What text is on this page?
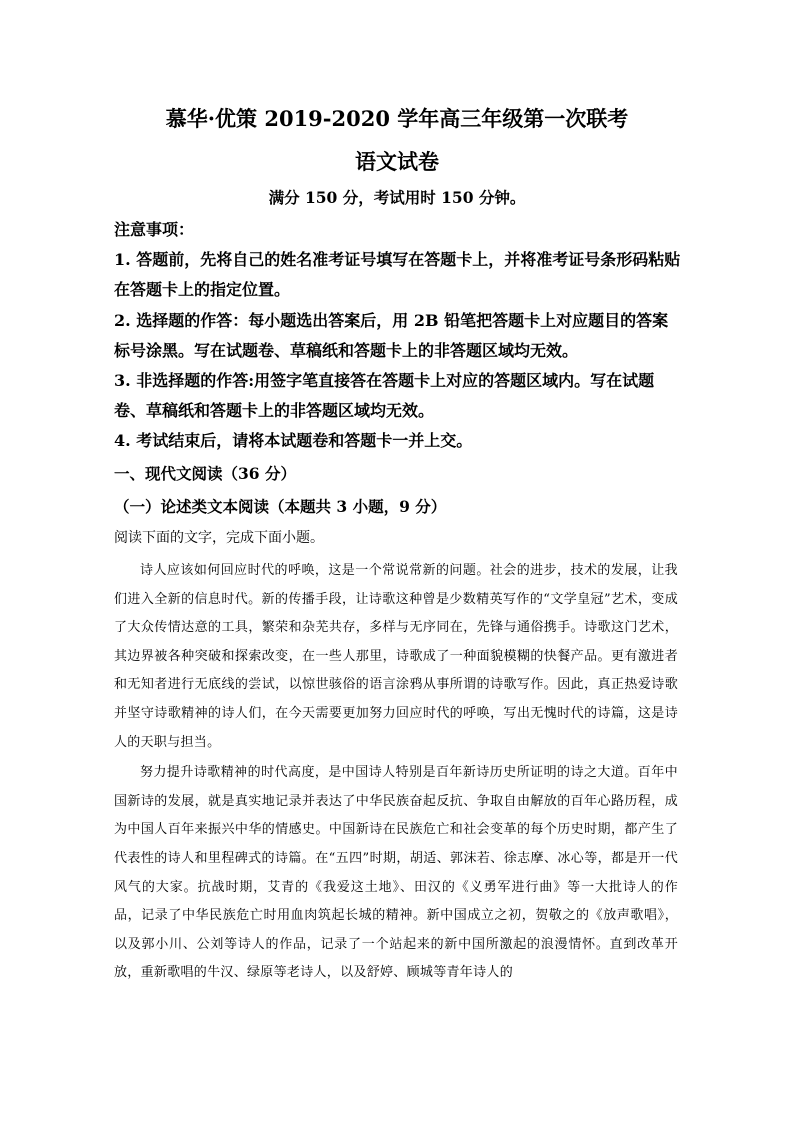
慕华·优策 2019-2020 学年高三年级第一次联考
语文试卷
满分 150 分，考试用时 150 分钟。

注意事项：

1. 答题前，先将自己的姓名准考证号填写在答题卡上，并将准考证号条形码粘贴在答题卡上的指定位置。

2. 选择题的作答：每小题选出答案后，用 2B 铅笔把答题卡上对应题目的答案标号涂黑。写在试题卷、草稿纸和答题卡上的非答题区域均无效。

3. 非选择题的作答:用签字笔直接答在答题卡上对应的答题区域内。写在试题卷、草稿纸和答题卡上的非答题区域均无效。

4. 考试结束后，请将本试题卷和答题卡一并上交。

一、现代文阅读（36 分）
（一）论述类文本阅读（本题共 3 小题，9 分）
阅读下面的文字，完成下面小题。

诗人应该如何回应时代的呼唤，这是一个常说常新的问题。社会的进步，技术的发展，让我们进入全新的信息时代。新的传播手段，让诗歌这种曾是少数精英写作的“文学皇冠”艺术，变成了大众传情达意的工具，繁荣和杂芜共存，多样与无序同在，先锋与通俗携手。诗歌这门艺术，其边界被各种突破和探索改变，在一些人那里，诗歌成了一种面貌模糊的快餐产品。更有激进者和无知者进行无底线的尝试，以惊世骇俗的语言涂鸦从事所谓的诗歌写作。因此，真正热爱诗歌并坚守诗歌精神的诗人们，在今天需要更加努力回应时代的呼唤，写出无愧时代的诗篇，这是诗人的天职与担当。

努力提升诗歌精神的时代高度，是中国诗人特别是百年新诗历史所证明的诗之大道。百年中国新诗的发展，就是真实地记录并表达了中华民族奋起反抗、争取自由解放的百年心路历程，成为中国人百年来振兴中华的情感史。中国新诗在民族危亡和社会变革的每个历史时期，都产生了代表性的诗人和里程碑式的诗篇。在“五四”时期，胡适、郭沫若、徐志摩、冰心等，都是开一代风气的大家。抗战时期，艾青的《我爱这土地》、田汉的《义勇军进行曲》等一大批诗人的作品，记录了中华民族危亡时用血肉筑起长城的精神。新中国成立之初，贺敬之的《放声歌唱》，以及郭小川、公刘等诗人的作品，记录了一个站起来的新中国所激起的浪漫情怀。直到改革开放，重新歌唱的牛汉、绿原等老诗人，以及舒婷、顾城等青年诗人的
